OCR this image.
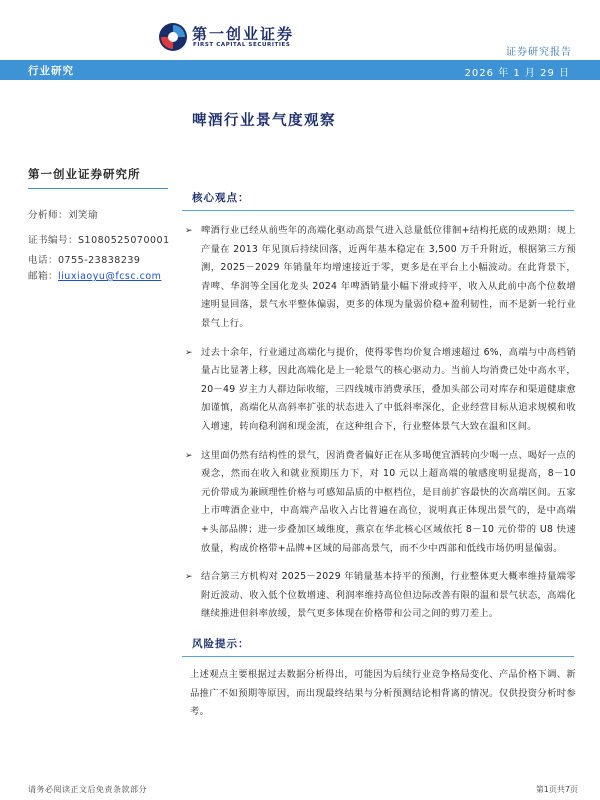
第一创业证券
FIRST CAPITAL SECURITIES
证券研究报告
行业研究	2026 年 1 月 29 日
啤酒行业景气度观察
第一创业证券研究所
分析师：刘笑瑜
证书编号：S1080525070001
电话：0755-23838239
邮箱：liuxiaoyu@fcsc.com
核心观点：
➢ 啤酒行业已经从前些年的高端化驱动高景气进入总量低位徘徊+结构托底的成熟期：规上产量在 2013 年见顶后持续回落，近两年基本稳定在 3,500 万千升附近，根据第三方预测，2025－2029 年销量年均增速接近于零，更多是在平台上小幅波动。在此背景下，青啤、华润等全国化龙头 2024 年啤酒销量小幅下滑或持平，收入从此前中高个位数增速明显回落，景气水平整体偏弱，更多的体现为量弱价稳+盈利韧性，而不是新一轮行业景气上行。
➢ 过去十余年，行业通过高端化与提价，使得零售均价复合增速超过 6%，高端与中高档销量占比显著上移，因此高端化是上一轮景气的核心驱动力。当前人均消费已处中高水平，20－49 岁主力人群边际收缩，三四线城市消费承压，叠加头部公司对库存和渠道健康愈加谨慎，高端化从高斜率扩张的状态进入了中低斜率深化，企业经营目标从追求规模和收入增速，转向稳利润和现金流，在这种组合下，行业整体景气大致在温和区间。
➢ 这里面仍然有结构性的景气，因消费者偏好正在从多喝便宜酒转向少喝一点、喝好一点的观念，然而在收入和就业预期压力下，对 10 元以上超高端的敏感度明显提高，8－10 元价带成为兼顾理性价格与可感知品质的中枢档位，是目前扩容最快的次高端区间。五家上市啤酒企业中，中高端产品收入占比普遍在高位，说明真正体现出景气的，是中高端+头部品牌；进一步叠加区域维度，燕京在华北核心区域依托 8－10 元价带的 U8 快速放量，构成价格带+品牌+区域的局部高景气，而不少中西部和低线市场仍明显偏弱。
➢ 结合第三方机构对 2025－2029 年销量基本持平的预测，行业整体更大概率维持量端零附近波动、收入低个位数增速、利润率维持高位但边际改善有限的温和景气状态，高端化继续推进但斜率放缓，景气更多体现在价格带和公司之间的剪刀差上。
风险提示：
上述观点主要根据过去数据分析得出，可能因为后续行业竞争格局变化、产品价格下调、新品推广不如预期等原因，而出现最终结果与分析预测结论相背离的情况。仅供投资分析时参考。
请务必阅读正文后免责条款部分	第1页共7页
